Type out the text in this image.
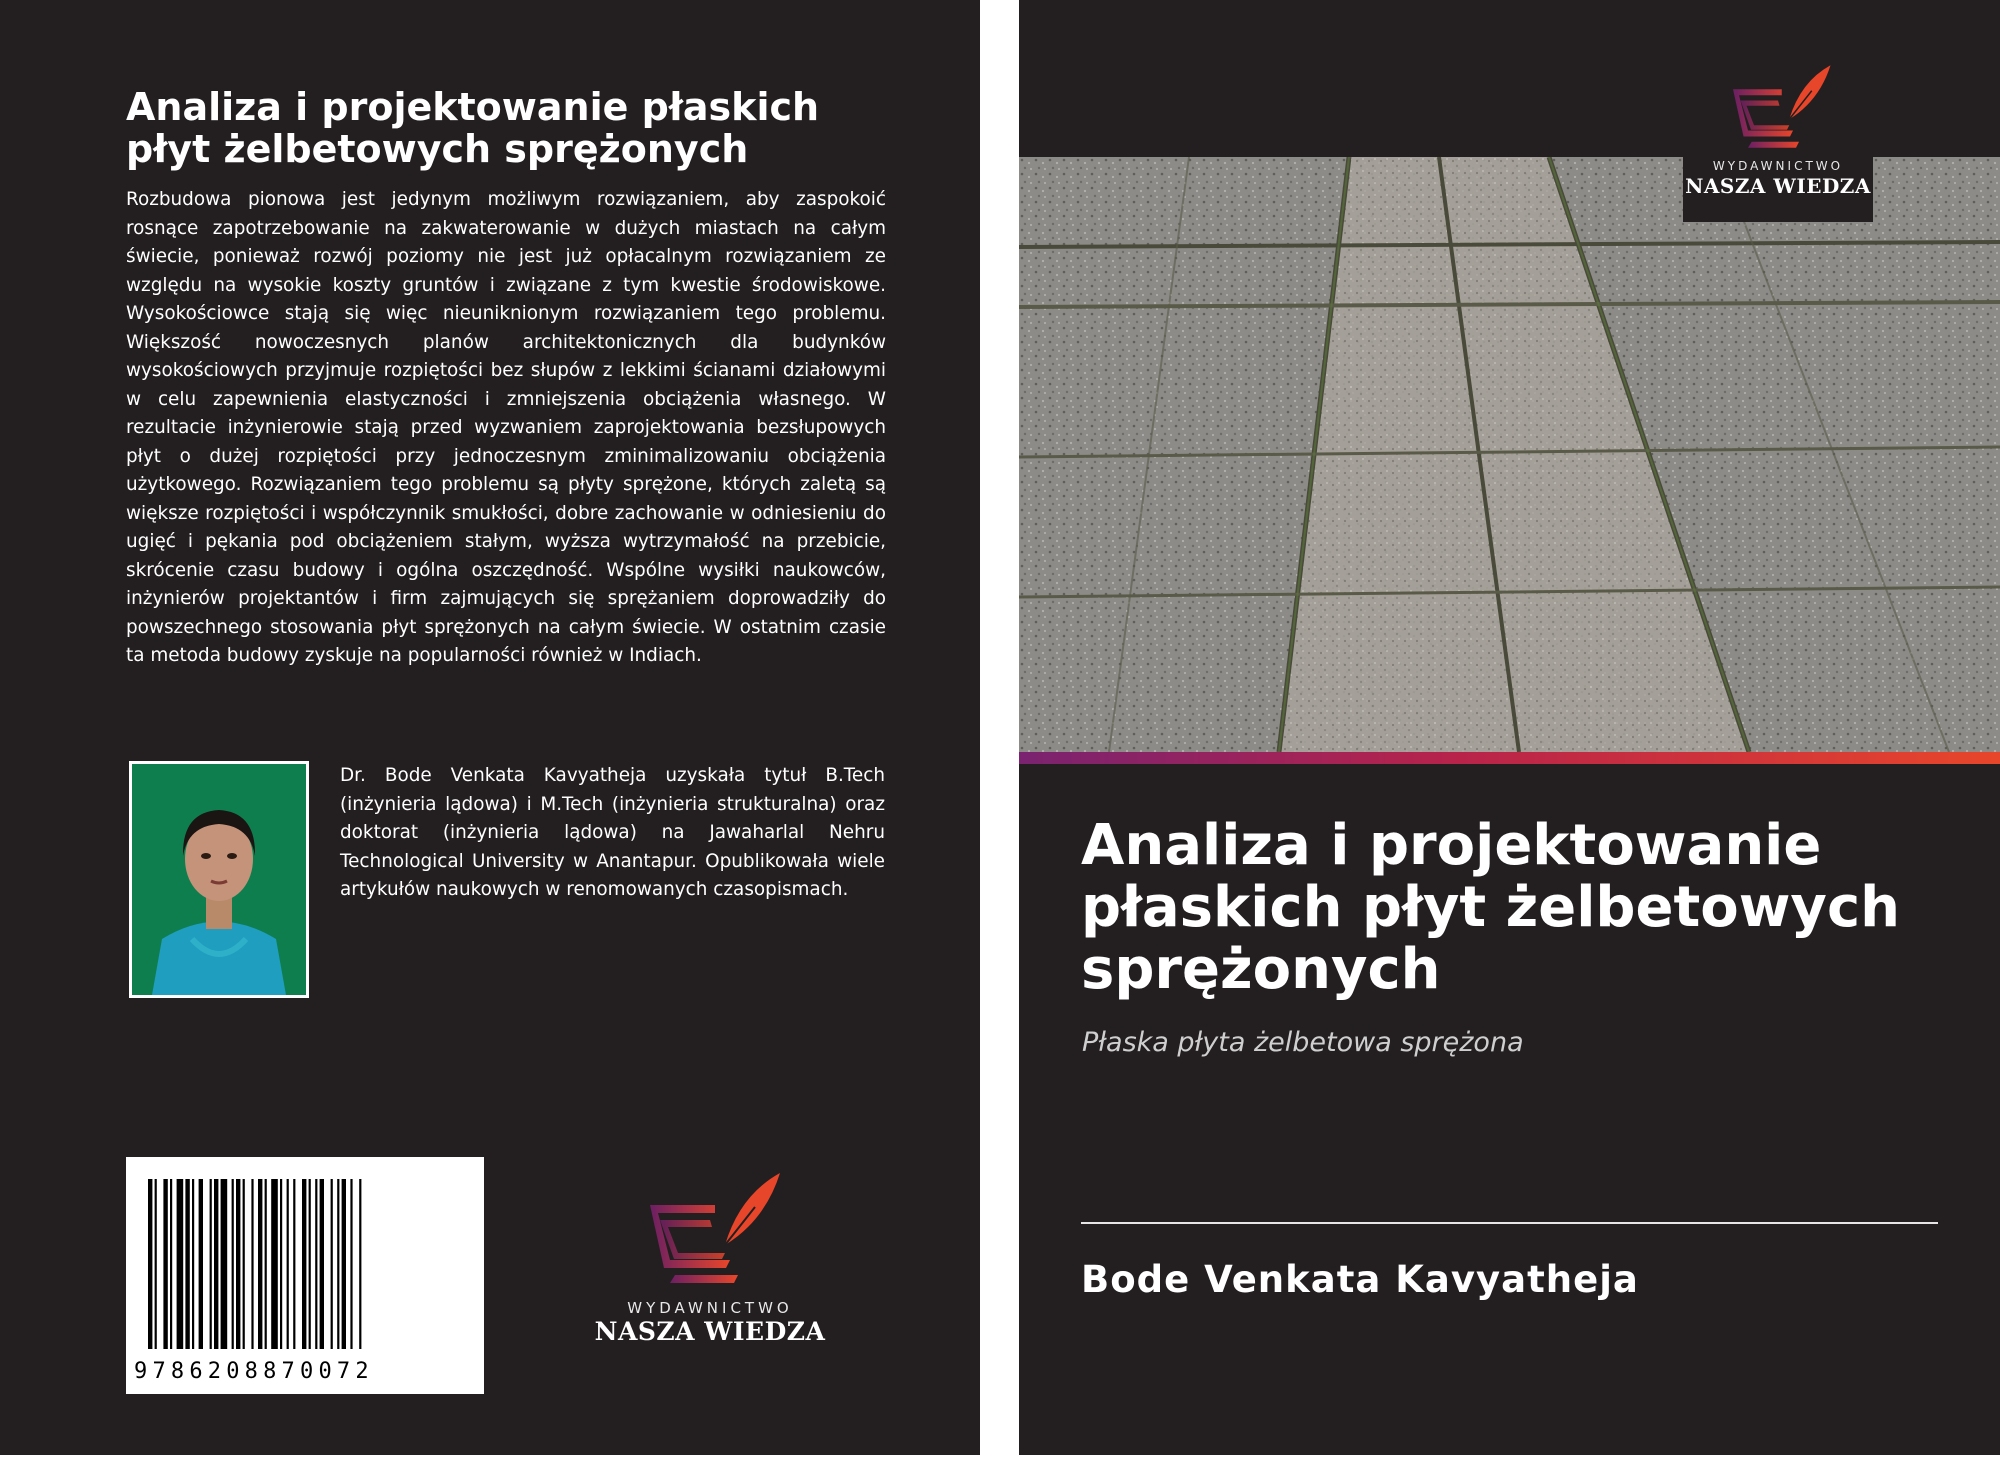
Analiza i projektowanie płaskich płyt żelbetowych sprężonych

Rozbudowa pionowa jest jedynym możliwym rozwiązaniem, aby zaspokoić rosnące zapotrzebowanie na zakwaterowanie w dużych miastach na całym świecie, ponieważ rozwój poziomy nie jest już opłacalnym rozwiązaniem ze względu na wysokie koszty gruntów i związane z tym kwestie środowiskowe. Wysokościowce stają się więc nieuniknionym rozwiązaniem tego problemu. Większość nowoczesnych planów architektonicznych dla budynków wysokościowych przyjmuje rozpiętości bez słupów z lekkimi ścianami działowymi w celu zapewnienia elastyczności i zmniejszenia obciążenia własnego. W rezultacie inżynierowie stają przed wyzwaniem zaprojektowania bezsłupowych płyt o dużej rozpiętości przy jednoczesnym zminimalizowaniu obciążenia użytkowego. Rozwiązaniem tego problemu są płyty sprężone, których zaletą są większe rozpiętości i współczynnik smukłości, dobre zachowanie w odniesieniu do ugięć i pękania pod obciążeniem stałym, wyższa wytrzymałość na przebicie, skrócenie czasu budowy i ogólna oszczędność. Wspólne wysiłki naukowców, inżynierów projektantów i firm zajmujących się sprężaniem doprowadziły do powszechnego stosowania płyt sprężonych na całym świecie. W ostatnim czasie ta metoda budowy zyskuje na popularności również w Indiach.

Dr. Bode Venkata Kavyatheja uzyskała tytuł B.Tech (inżynieria lądowa) i M.Tech (inżynieria strukturalna) oraz doktorat (inżynieria lądowa) na Jawaharlal Nehru Technological University w Anantapur. Opublikowała wiele artykułów naukowych w renomowanych czasopismach.

9786208870072
WYDAWNICTWO
NASZA WIEDZA
WYDAWNICTWO
NASZA WIEDZA
Analiza i projektowanie płaskich płyt żelbetowych sprężonych

Płaska płyta żelbetowa sprężona

Bode Venkata Kavyatheja
